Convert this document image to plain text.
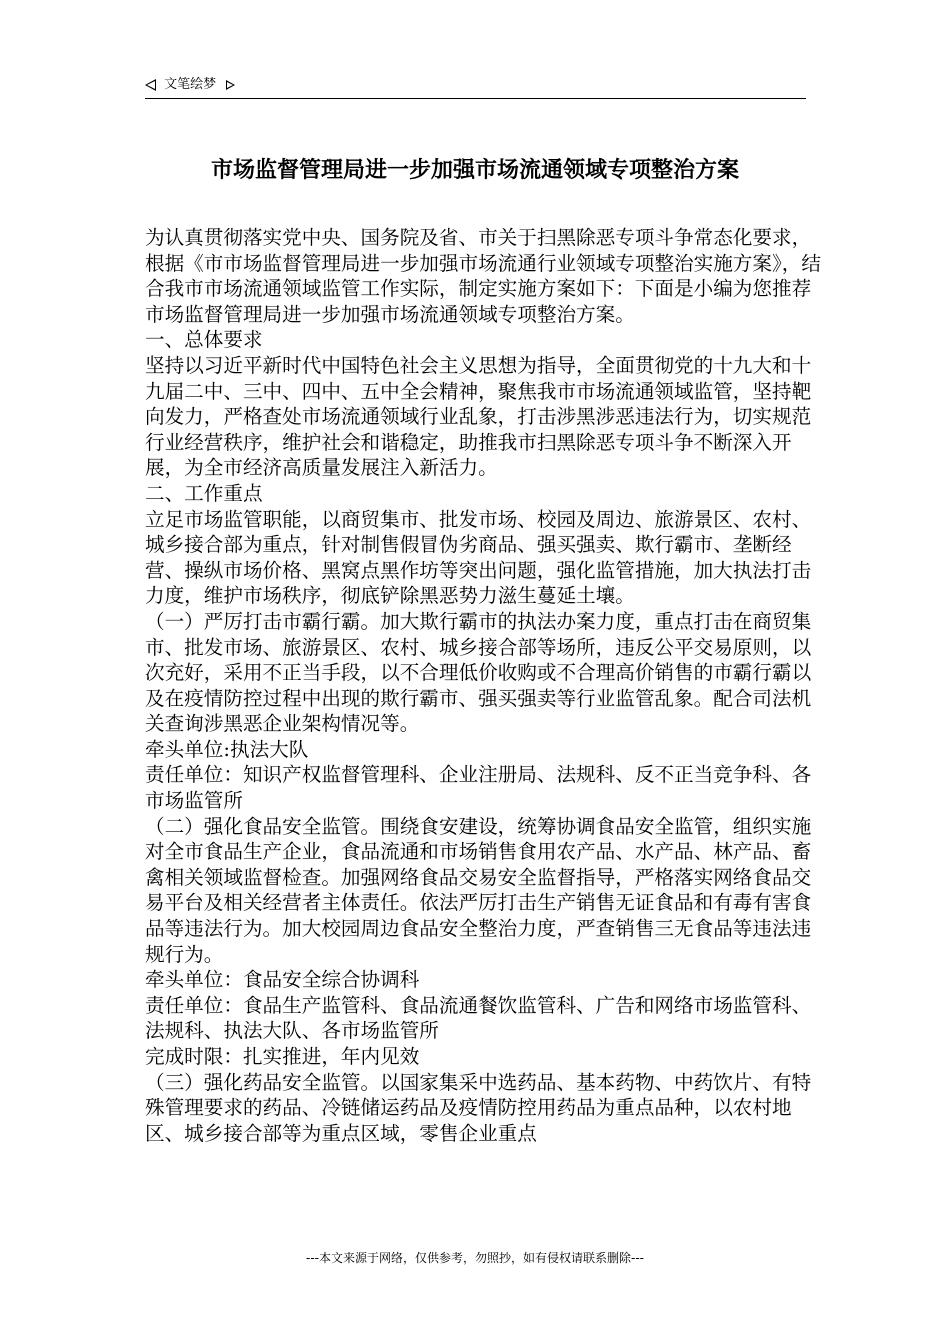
文笔绘梦
市场监督管理局进一步加强市场流通领域专项整治方案

为认真贯彻落实党中央、国务院及省、市关于扫黑除恶专项斗争常态化要求，根据《市市场监督管理局进一步加强市场流通行业领域专项整治实施方案》，结合我市市场流通领域监管工作实际，制定实施方案如下：下面是小编为您推荐市场监督管理局进一步加强市场流通领域专项整治方案。

一、总体要求

坚持以习近平新时代中国特色社会主义思想为指导，全面贯彻党的十九大和十九届二中、三中、四中、五中全会精神，聚焦我市市场流通领域监管，坚持靶向发力，严格查处市场流通领域行业乱象，打击涉黑涉恶违法行为，切实规范行业经营秩序，维护社会和谐稳定，助推我市扫黑除恶专项斗争不断深入开展，为全市经济高质量发展注入新活力。

二、工作重点

立足市场监管职能，以商贸集市、批发市场、校园及周边、旅游景区、农村、城乡接合部为重点，针对制售假冒伪劣商品、强买强卖、欺行霸市、垄断经营、操纵市场价格、黑窝点黑作坊等突出问题，强化监管措施，加大执法打击力度，维护市场秩序，彻底铲除黑恶势力滋生蔓延土壤。

（一）严厉打击市霸行霸。加大欺行霸市的执法办案力度，重点打击在商贸集市、批发市场、旅游景区、农村、城乡接合部等场所，违反公平交易原则，以次充好，采用不正当手段，以不合理低价收购或不合理高价销售的市霸行霸以及在疫情防控过程中出现的欺行霸市、强买强卖等行业监管乱象。配合司法机关查询涉黑恶企业架构情况等。

牵头单位:执法大队

责任单位：知识产权监督管理科、企业注册局、法规科、反不正当竞争科、各市场监管所

（二）强化食品安全监管。围绕食安建设，统筹协调食品安全监管，组织实施对全市食品生产企业，食品流通和市场销售食用农产品、水产品、林产品、畜禽相关领域监督检查。加强网络食品交易安全监督指导，严格落实网络食品交易平台及相关经营者主体责任。依法严厉打击生产销售无证食品和有毒有害食品等违法行为。加大校园周边食品安全整治力度，严查销售三无食品等违法违规行为。

牵头单位：食品安全综合协调科

责任单位：食品生产监管科、食品流通餐饮监管科、广告和网络市场监管科、法规科、执法大队、各市场监管所

完成时限：扎实推进，年内见效

（三）强化药品安全监管。以国家集采中选药品、基本药物、中药饮片、有特殊管理要求的药品、冷链储运药品及疫情防控用药品为重点品种，以农村地区、城乡接合部等为重点区域，零售企业重点

---本文来源于网络，仅供参考，勿照抄，如有侵权请联系删除---
